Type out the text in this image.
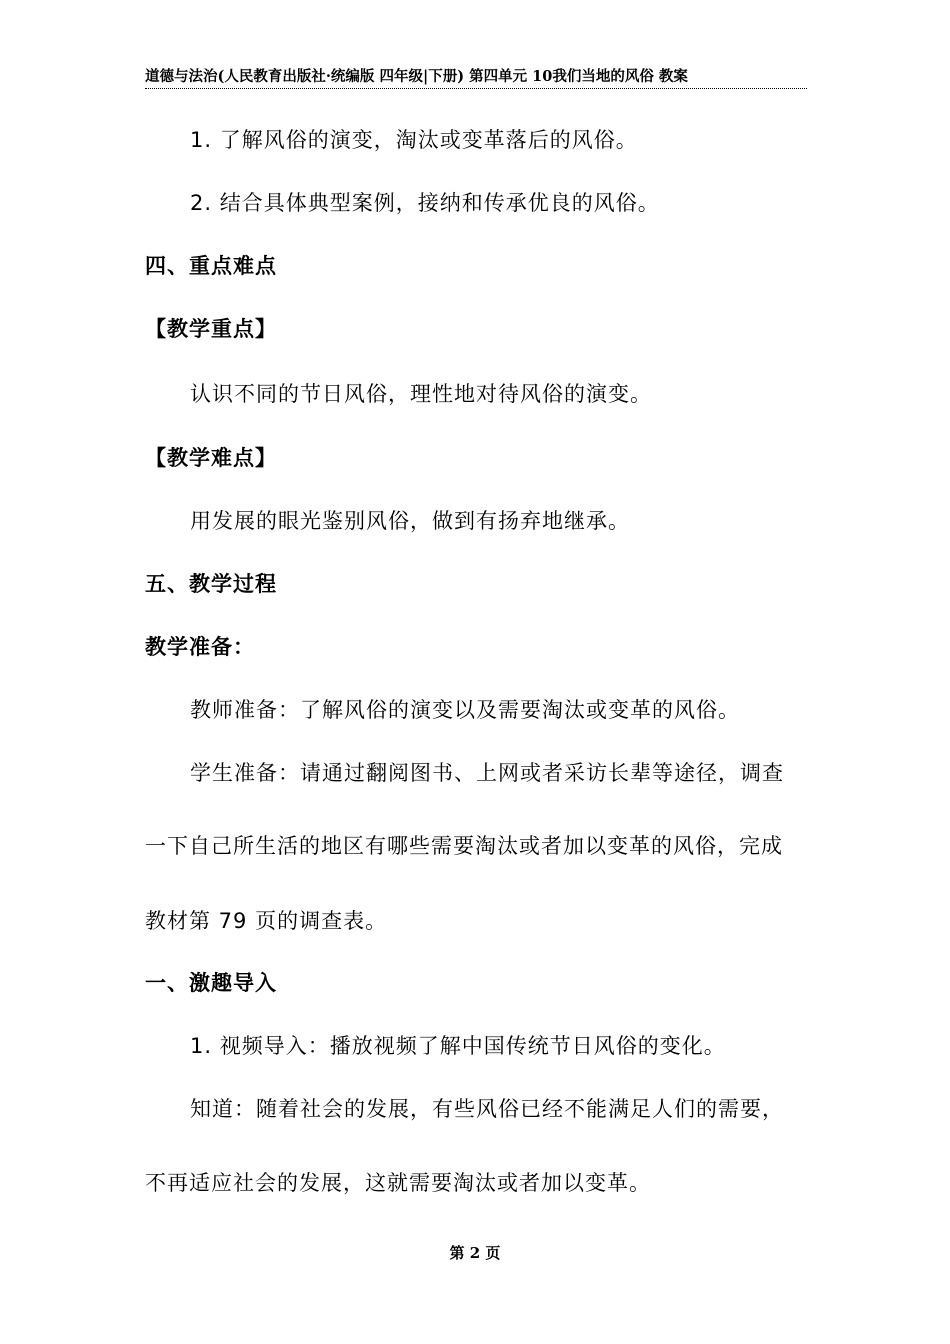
道德与法治(人民教育出版社·统编版 四年级|下册) 第四单元 10我们当地的风俗 教案
1. 了解风俗的演变，淘汰或变革落后的风俗。
2. 结合具体典型案例，接纳和传承优良的风俗。
四、重点难点
【教学重点】
认识不同的节日风俗，理性地对待风俗的演变。
【教学难点】
用发展的眼光鉴别风俗，做到有扬弃地继承。
五、教学过程
教学准备：
教师准备：了解风俗的演变以及需要淘汰或变革的风俗。
学生准备：请通过翻阅图书、上网或者采访长辈等途径，调查
一下自己所生活的地区有哪些需要淘汰或者加以变革的风俗，完成
教材第 79 页的调查表。
一、激趣导入
1. 视频导入：播放视频了解中国传统节日风俗的变化。
知道：随着社会的发展，有些风俗已经不能满足人们的需要，
不再适应社会的发展，这就需要淘汰或者加以变革。
第 2 页
